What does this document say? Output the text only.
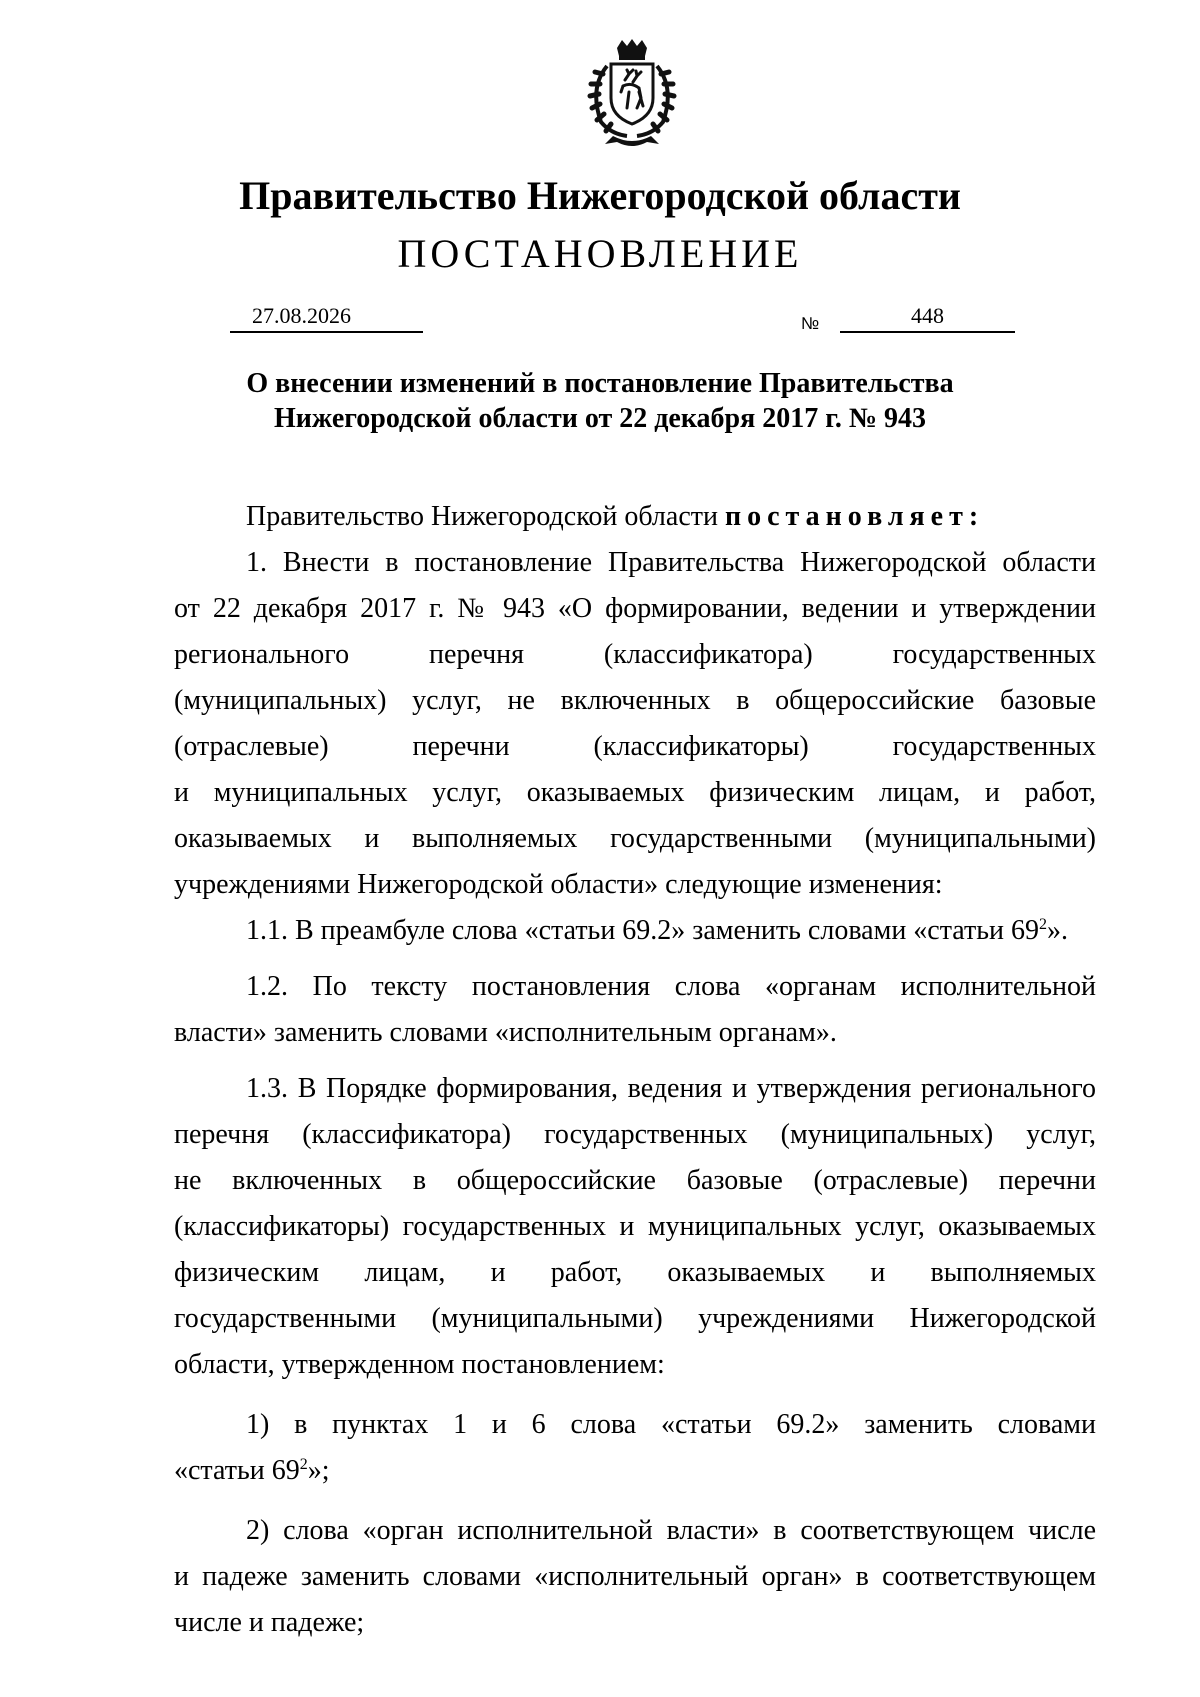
Правительство Нижегородской области
ПОСТАНОВЛЕНИЕ
27.08.2026	№	448
О внесении изменений в постановление Правительства
Нижегородской области от 22 декабря 2017 г. № 943
Правительство Нижегородской области постановляет:
1. Внести в постановление Правительства Нижегородской области
от 22 декабря 2017 г. № 943 «О формировании, ведении и утверждении
регионального перечня (классификатора) государственных
(муниципальных) услуг, не включенных в общероссийские базовые
(отраслевые) перечни (классификаторы) государственных
и муниципальных услуг, оказываемых физическим лицам, и работ,
оказываемых и выполняемых государственными (муниципальными)
учреждениями Нижегородской области» следующие изменения:
1.1. В преамбуле слова «статьи 69.2» заменить словами «статьи $69^2$».
1.2. По тексту постановления слова «органам исполнительной
власти» заменить словами «исполнительным органам».
1.3. В Порядке формирования, ведения и утверждения регионального
перечня (классификатора) государственных (муниципальных) услуг,
не включенных в общероссийские базовые (отраслевые) перечни
(классификаторы) государственных и муниципальных услуг, оказываемых
физическим лицам, и работ, оказываемых и выполняемых
государственными (муниципальными) учреждениями Нижегородской
области, утвержденном постановлением:
1) в пунктах 1 и 6 слова «статьи 69.2» заменить словами
«статьи $69^2$»;
2) слова «орган исполнительной власти» в соответствующем числе
и падеже заменить словами «исполнительный орган» в соответствующем
числе и падеже;
